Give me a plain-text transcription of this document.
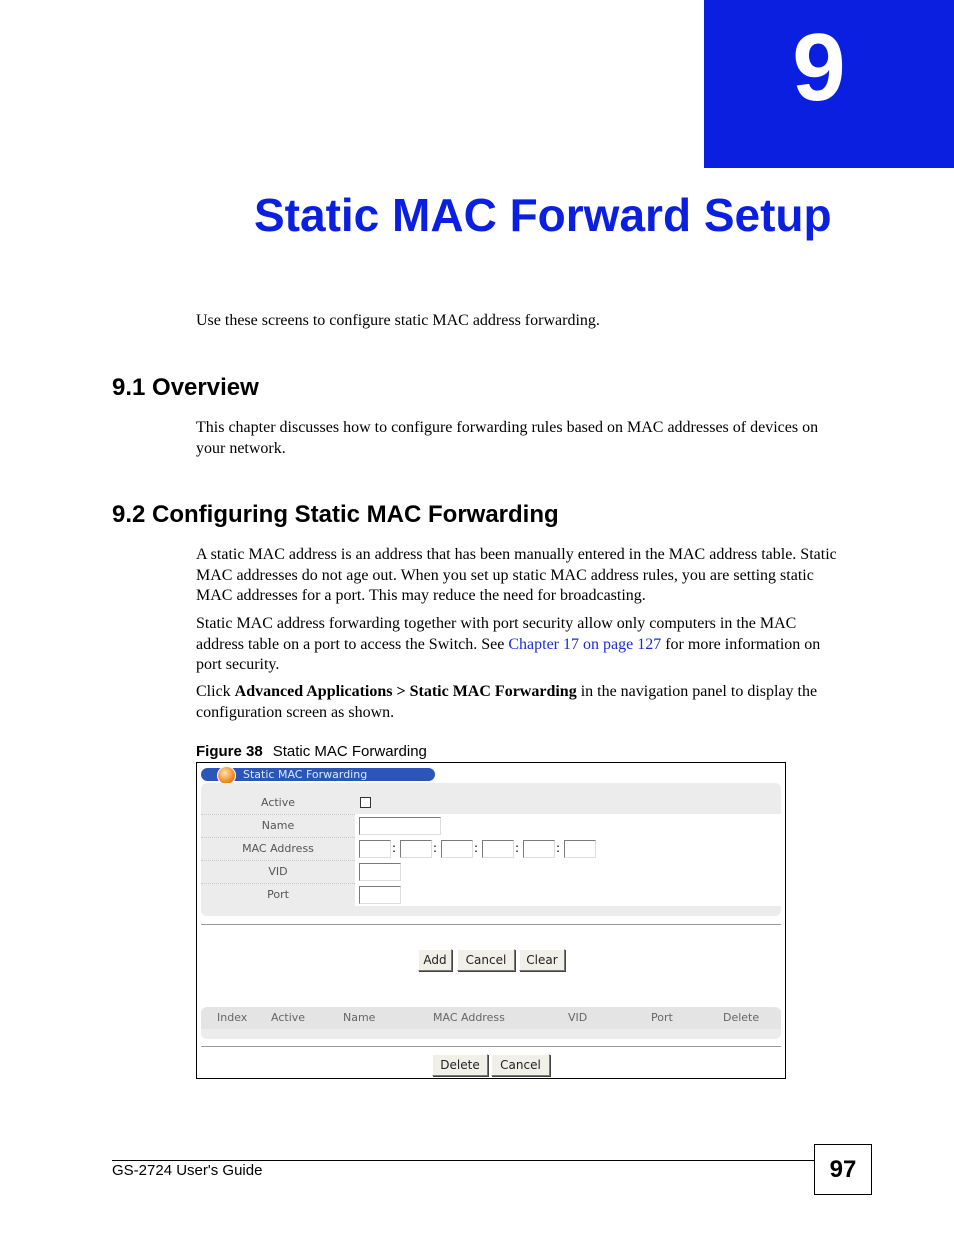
9
Static MAC Forward Setup
Use these screens to configure static MAC address forwarding.
9.1 Overview
This chapter discusses how to configure forwarding rules based on MAC addresses of devices on your network.
9.2 Configuring Static MAC Forwarding
A static MAC address is an address that has been manually entered in the MAC address table. Static MAC addresses do not age out. When you set up static MAC address rules, you are setting static MAC addresses for a port. This may reduce the need for broadcasting.
Static MAC address forwarding together with port security allow only computers in the MAC address table on a port to access the Switch. See Chapter 17 on page 127 for more information on port security.
Click Advanced Applications > Static MAC Forwarding in the navigation panel to display the configuration screen as shown.
Figure 38 Static MAC Forwarding
Static MAC Forwarding
Active
Name
MAC Address	:	:	:	:	:
VID
Port
Add	Cancel	Clear
Index Active	Name	MAC Address	VID	Port	Delete
Delete	Cancel
GS-2724 User's Guide	97
